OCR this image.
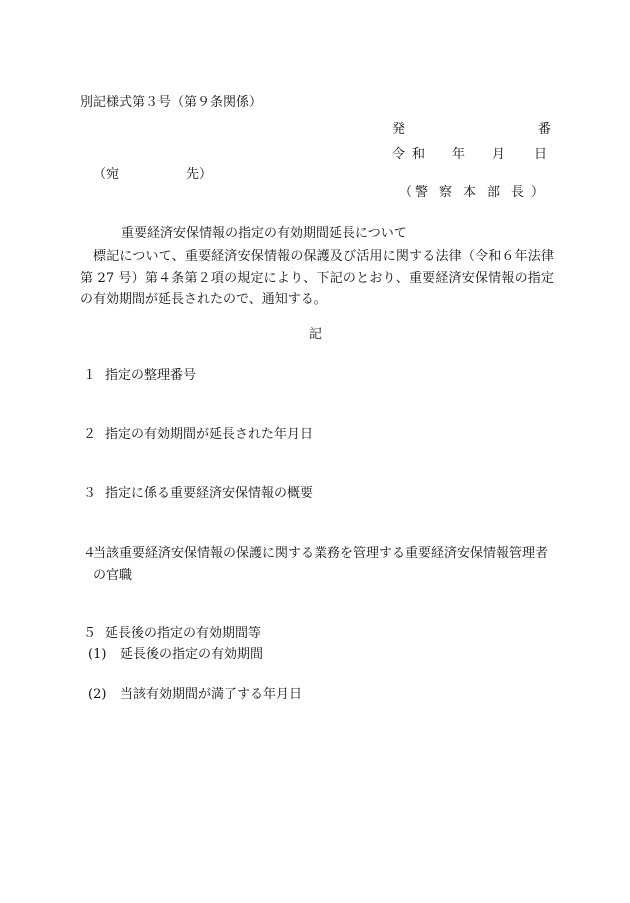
別記様式第３号（第９条関係）
発	番
令 和 年 月 日
（宛	先）
（ 警 察 本 部 長 ）
重要経済安保情報の指定の有効期間延長について
標記について、重要経済安保情報の保護及び活用に関する法律（令和６年法律第 27 号）第４条第２項の規定により、下記のとおり、重要経済安保情報の指定の有効期間が延長されたので、通知する。
記
１ 指定の整理番号
２ 指定の有効期間が延長された年月日
３ 指定に係る重要経済安保情報の概要
４
当該重要経済安保情報の保護に関する業務を管理する重要経済安保情報管理者の官職
５ 延長後の指定の有効期間等
(1) 延長後の指定の有効期間
(2) 当該有効期間が満了する年月日
